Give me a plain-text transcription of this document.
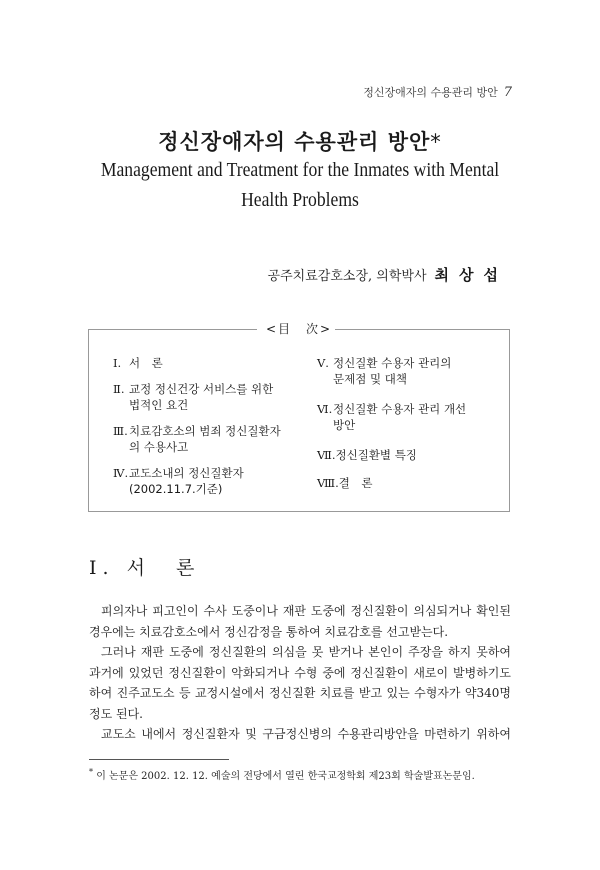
정신장애자의 수용관리 방안 7
정신장애자의 수용관리 방안*
Management and Treatment for the Inmates with Mental
Health Problems
공주치료감호소장, 의학박사 최상섭
<目　次>
Ⅰ. 서　론
Ⅱ. 교정 정신건강 서비스를 위한
법적인 요건
Ⅲ.치료감호소의 범죄 정신질환자
의 수용사고
Ⅳ.교도소내의 정신질환자
(2002.11.7.기준)
Ⅴ. 정신질환 수용자 관리의
문제점 및 대책
Ⅵ.정신질환 수용자 관리 개선
방안
Ⅶ.정신질환별 특징
Ⅷ.결　론
Ⅰ. 서　론

피의자나 피고인이 수사 도중이나 재판 도중에 정신질환이 의심되거나 확인된
경우에는 치료감호소에서 정신감정을 통하여 치료감호를 선고받는다.

그러나 재판 도중에 정신질환의 의심을 못 받거나 본인이 주장을 하지 못하여
과거에 있었던 정신질환이 악화되거나 수형 중에 정신질환이 새로이 발병하기도
하여 진주교도소 등 교정시설에서 정신질환 치료를 받고 있는 수형자가 약340명
정도 된다.

교도소 내에서 정신질환자 및 구금정신병의 수용관리방안을 마련하기 위하여

* 이 논문은 2002. 12. 12. 예술의 전당에서 열린 한국교정학회 제23회 학술발표논문임.
